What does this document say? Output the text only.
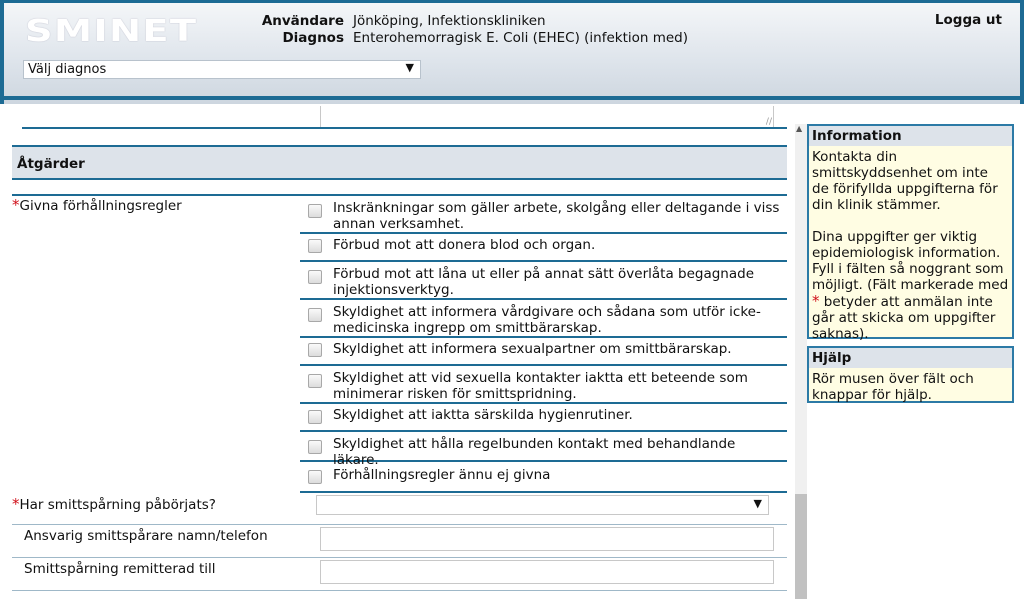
SMINET	Användare Jönköping, Infektionskliniken
Diagnos Enterohemorragisk E. Coli (EHEC) (infektion med)
Logga ut
Välj diagnos	▼
//
Åtgärder
*Givna förhållningsregler	Inskränkningar som gäller arbete, skolgång eller deltagande i viss
annan verksamhet.
Förbud mot att donera blod och organ.
Förbud mot att låna ut eller på annat sätt överlåta begagnade
injektionsverktyg.
Skyldighet att informera vårdgivare och sådana som utför icke-
medicinska ingrepp om smittbärarskap.
Skyldighet att informera sexualpartner om smittbärarskap.
Skyldighet att vid sexuella kontakter iaktta ett beteende som
minimerar risken för smittspridning.
Skyldighet att iaktta särskilda hygienrutiner.
Skyldighet att hålla regelbunden kontakt med behandlande läkare.
Förhållningsregler ännu ej givna
*Har smittspårning påbörjats?	▼
Ansvarig smittspårare namn/telefon
Smittspårning remitterad till
▲ Information
Kontakta din smittskyddsenhet om inte de förifyllda uppgifterna för din klinik stämmer.
Dina uppgifter ger viktig epidemiologisk information. Fyll i fälten så noggrant som möjligt. (Fält markerade med * betyder att anmälan inte går att skicka om uppgifter saknas).
Hjälp
Rör musen över fält och knappar för hjälp.
